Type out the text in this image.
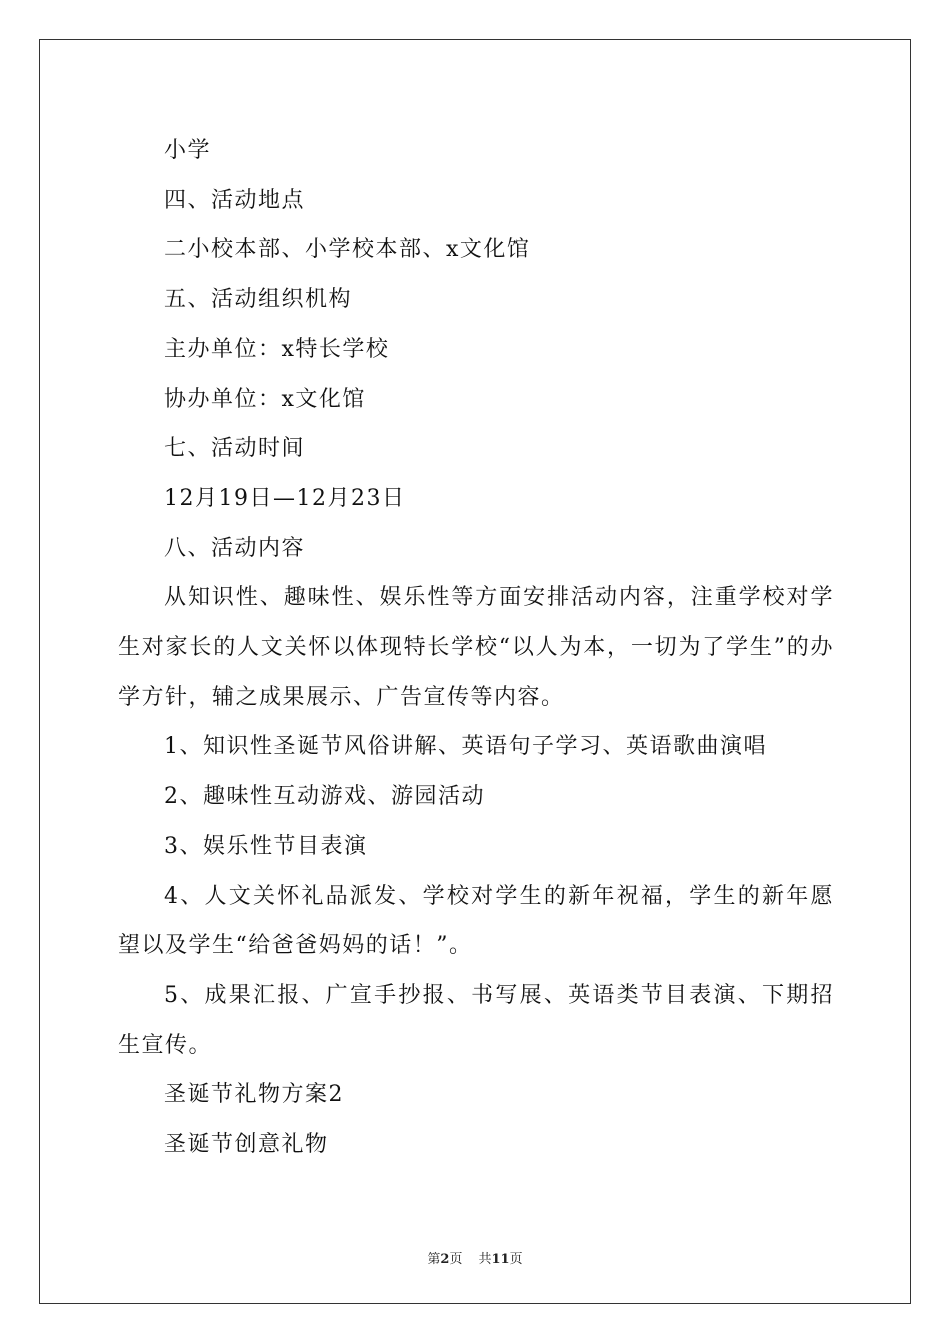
小学

四、活动地点

二小校本部、小学校本部、x文化馆

五、活动组织机构

主办单位：x特长学校

协办单位：x文化馆

七、活动时间

12月19日—12月23日

八、活动内容

从知识性、趣味性、娱乐性等方面安排活动内容，注重学校对学生对家长的人文关怀以体现特长学校“以人为本，一切为了学生”的办学方针，辅之成果展示、广告宣传等内容。

1、知识性圣诞节风俗讲解、英语句子学习、英语歌曲演唱

2、趣味性互动游戏、游园活动

3、娱乐性节目表演

4、人文关怀礼品派发、学校对学生的新年祝福，学生的新年愿望以及学生“给爸爸妈妈的话！”。

5、成果汇报、广宣手抄报、书写展、英语类节目表演、下期招生宣传。

圣诞节礼物方案2

圣诞节创意礼物

第2页 共11页
